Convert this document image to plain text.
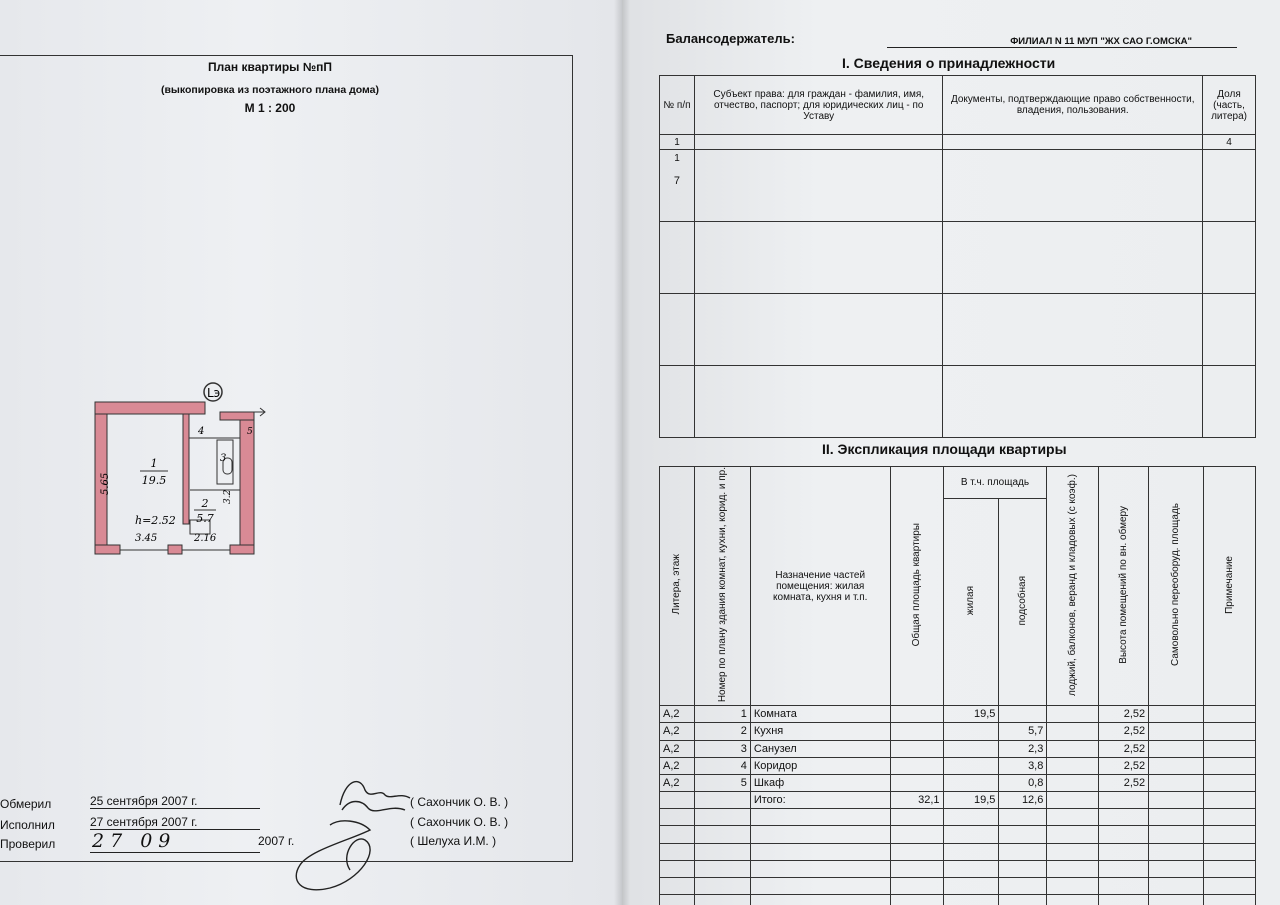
План квартиры №пП
(выкопировка из поэтажного плана дома)
М 1 : 200
Lэ
1
19.5
2
5.7
3
4	5
h=2.52
5.65
3.45	2.16
3.2
Обмерил	25 сентября 2007 г.	( Сахончик О. В. )
Исполнил	27 сентября 2007 г.	( Сахончик О. В. )
Проверил 27 09	2007 г.	( Шелуха И.М. )
Балансодержатель:	ФИЛИАЛ N 11 МУП "ЖХ САО Г.ОМСКА"
I. Сведения о принадлежности
№ п/п	Субъект права: для граждан - фамилия, имя, отчество, паспорт; для юридических лиц - по Уставу	Документы, подтверждающие право собственности, владения, пользования.	Доля (часть, литера)
1			4
1

7	

II. Экспликация площади квартиры
Литера, этаж	Номер по плану здания комнат, кухни, корид. и пр.	Назначение частей помещения: жилая комната, кухня и т.п.	Общая площадь квартиры	В т.ч. площадь		лоджий, балконов, веранд и кладовых (с коэф.)	Высота помещений по вн. обмеру	Самовольно переоборуд. площадь	Примечание
				жилая	подсобная				
А,2	1	Комната		19,5			2,52		
А,2	2	Кухня			5,7		2,52		
А,2	3	Санузел			2,3		2,52		
А,2	4	Коридор			3,8		2,52		
А,2	5	Шкаф			0,8		2,52		
		Итого:	32,1	19,5	12,6				
